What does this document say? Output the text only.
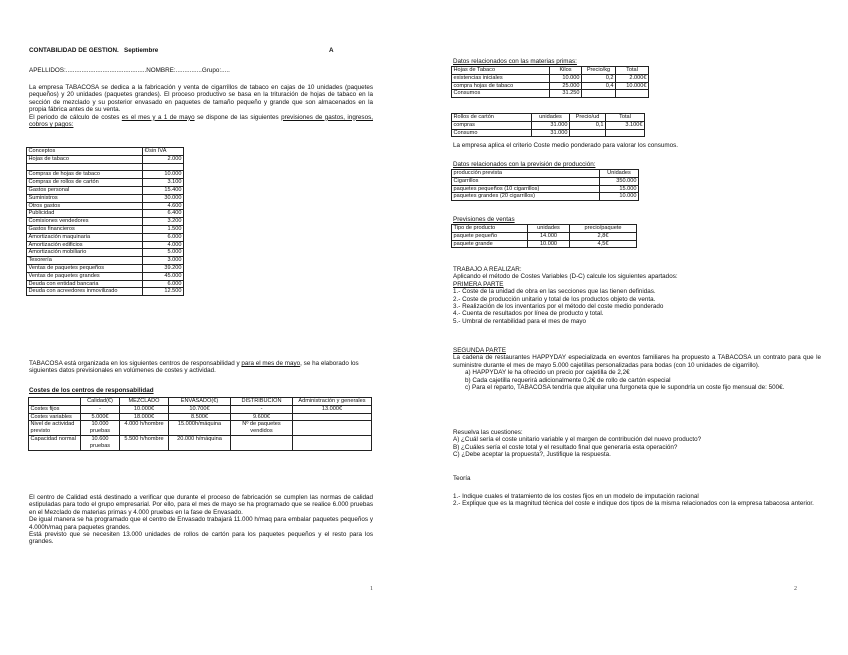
CONTABILIDAD DE GESTION. Septiembre	A
APELLIDOS:..............................................NOMBRE:...............Grupo:.....
La empresa TABACOSA se dedica a la fabricación y venta de cigarrillos de tabaco en cajas de 10 unidades (paquetes pequeños) y 20 unidades (paquetes grandes). El proceso productivo se basa en la trituración de hojas de tabaco en la sección de mezclado y su posterior envasado en paquetes de tamaño pequeño y grande que son almacenados en la propia fábrica antes de su venta.
El periodo de cálculo de costes es el mes y a 1 de mayo se dispone de las siguientes previsiones de gastos, ingresos, cobros y pagos:
Conceptos	€/sin IVA
Hojas de tabaco	2.000

Compras de hojas de tabaco	10.000
Compras de rollos de cartón	3.100
Gastos personal	15.400
Suministros	30.000
Otros gastos	4.600
Publicidad	6.400
Comisiones vendedores	3.200
Gastos financieros	1.500
Amortización maquinaria	6.000
Amortización edificios	4.000
Amortización mobiliario	5.000
Tesorería	3.000
Ventas de paquetes pequeños	39.200
Ventas de paquetes grandes	45.000
Deuda con entidad bancaria	6.000
Deuda con acreedores inmovilizado	12.500
TABACOSA está organizada en los siguientes centros de responsabilidad y para el mes de mayo, se ha elaborado los siguientes datos previsionales en volúmenes de costes y actividad.
Costes de los centros de responsabilidad
	Calidad(€)	MEZCLADO	ENVASADO(€)	DISTRIBUCIÓN	Administración y generales
Costes fijos	-	10.000€	10.700€	-	13.000€
Costes variables	5.000€	18.000€	8.500€	9.600€	
Nivel de actividad previsto	10.000 pruebas	4.000 h/hombre	15.000h/máquina	Nº de paquetes vendidos	
Capacidad normal	10.600 pruebas	5.500 h/hombre	20.000 h/máquina		
El centro de Calidad está destinado a verificar que durante el proceso de fabricación se cumplen las normas de calidad estipuladas para todo el grupo empresarial. Por ello, para el mes de mayo se ha programado que se realice 6.000 pruebas en el Mezclado de materias primas y 4.000 pruebas en la fase de Envasado.
De igual manera se ha programado que el centro de Envasado trabajará 11.000 h/maq para embalar paquetes pequeños y 4.000h/maq para paquetes grandes.
Está previsto que se necesiten 13.000 unidades de rollos de cartón para los paquetes pequeños y el resto para los grandes.
1
Datos relacionados con las materias primas:
Hojas de Tabaco	Kilos	Precio/kg	Total
existencias iniciales	10.000	0,2	2.000€
compra hojas de tabaco	25.000	0,4	10.000€
Consumos	31.250		
Rollos de cartón	unidades	Precio/ud	Total
compras	31.000	0,1	3.100€
Consumo	31.000		
La empresa aplica el criterio Coste medio ponderado para valorar los consumos.
Datos relacionados con la previsión de producción:
producción prevista	Unidades
Cigarrillos	350.000
paquetes pequeños (10 cigarrillos)	15.000
paquetes grandes (20 cigarrillos)	10.000
Previsiones de ventas
Tipo de producto	unidades	precio/paquete
paquete pequeño	14.000	2,8€
paquete grande	10.000	4,5€
TRABAJO A REALIZAR:
Aplicando el método de Costes Variables (D-C) calcule los siguientes apartados:
PRIMERA PARTE

1.- Coste de la unidad de obra en las secciones que las tienen definidas.

2.- Coste de producción unitario y total de los productos objeto de venta.

3.- Realización de los inventarios por el método del coste medio ponderado

4.- Cuenta de resultados por línea de producto y total.

5.- Umbral de rentabilidad para el mes de mayo

SEGUNDA PARTE
La cadena de restaurantes HAPPYDAY especializada en eventos familiares ha propuesto a TABACOSA un contrato para que le suministre durante el mes de mayo 5.000 cajetillas personalizadas para bodas (con 10 unidades de cigarrillo).

a) HAPPYDAY le ha ofrecido un precio por cajetilla de 2,2€

b) Cada cajetilla requerirá adicionalmente 0,2€ de rollo de cartón especial

c) Para el reparto, TABACOSA tendría que alquilar una furgoneta que le supondría un coste fijo mensual de: 500€.

Resuelva las cuestiones:

A) ¿Cuál sería el coste unitario variable y el margen de contribución del nuevo producto?

B) ¿Cuáles sería el coste total y el resultado final que generaría esta operación?

C) ¿Debe aceptar la propuesta?, Justifique la respuesta.

Teoría

1.- Indique cuales el tratamiento de los costes fijos en un modelo de imputación racional

2.- Explique que es la magnitud técnica del coste e indique dos tipos de la misma relacionados con la empresa tabacosa anterior.

2
